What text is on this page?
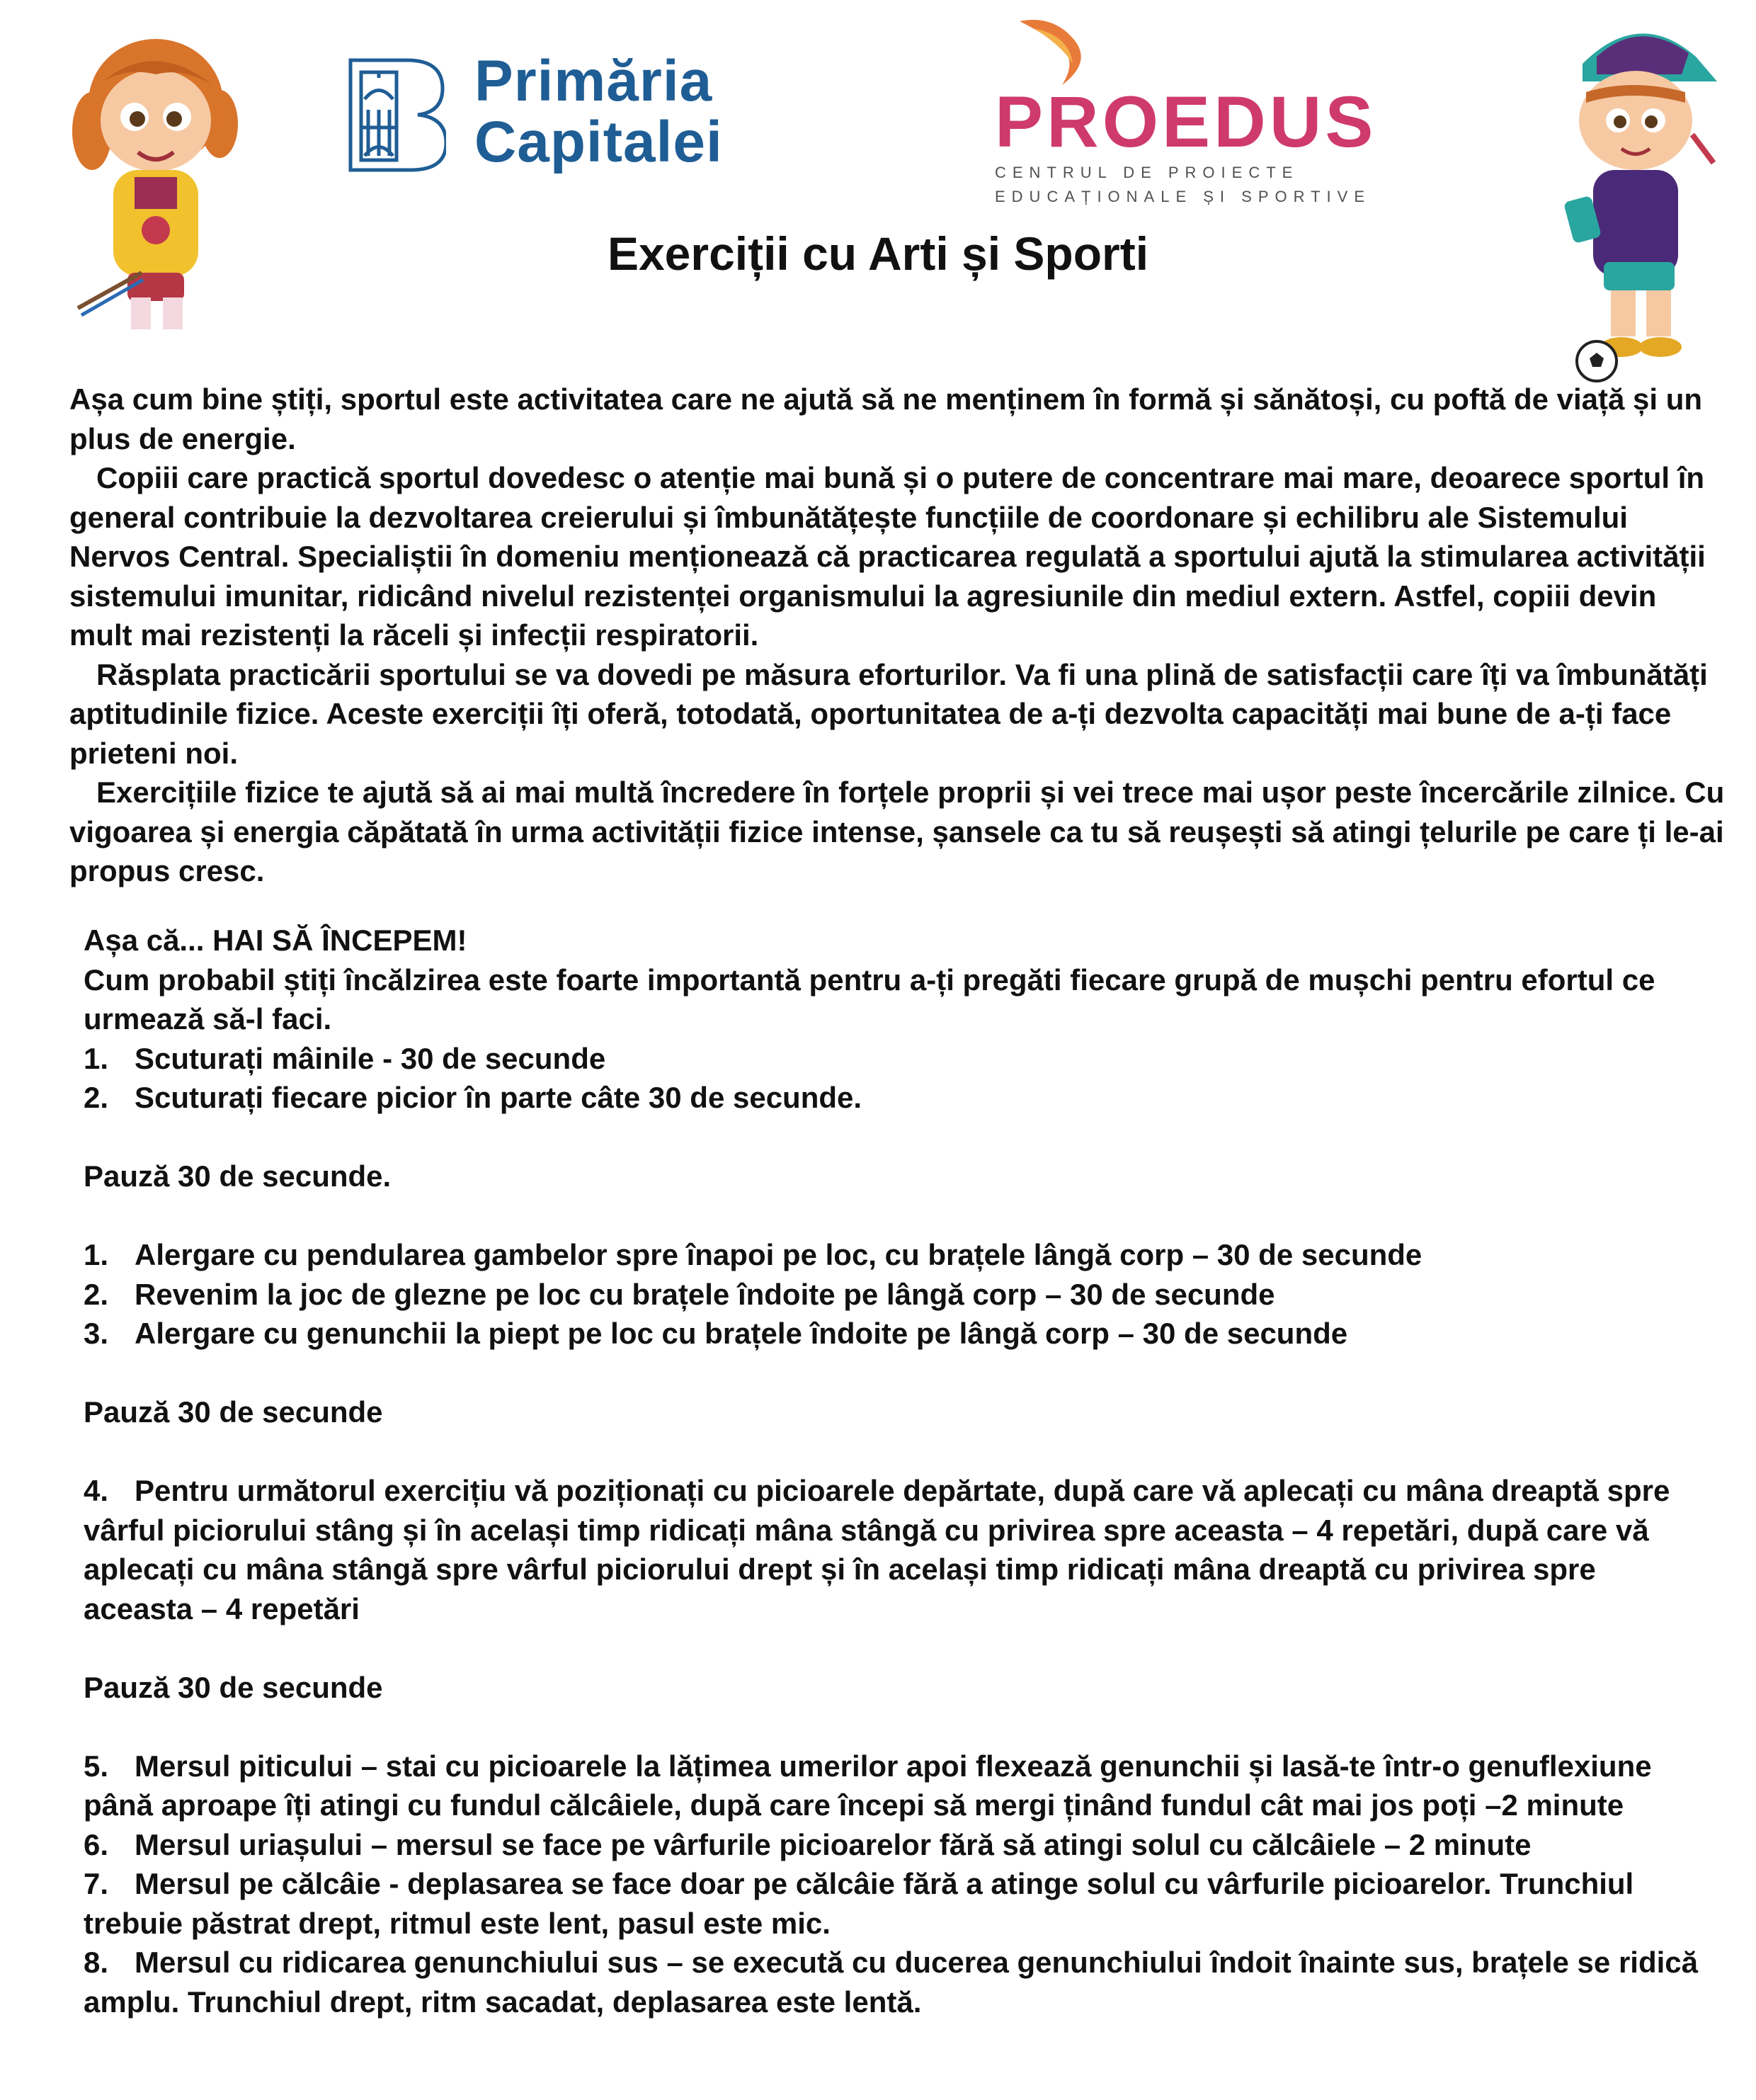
Primăria
Capitalei	PROEDUS
CENTRUL DE PROIECTE
EDUCAȚIONALE ȘI SPORTIVE
Exerciții cu Arti și Sporti

Așa cum bine știți, sportul este activitatea care ne ajută să ne menținem în formă și sănătoși, cu poftă de viață și un plus de energie.

Copiii care practică sportul dovedesc o atenție mai bună și o putere de concentrare mai mare, deoarece sportul în general contribuie la dezvoltarea creierului și îmbunătățește funcțiile de coordonare și echilibru ale Sistemului Nervos Central. Specialiștii în domeniu menționează că practicarea regulată a sportului ajută la stimularea activității sistemului imunitar, ridicând nivelul rezistenței organismului la agresiunile din mediul extern. Astfel, copiii devin mult mai rezistenți la răceli și infecții respiratorii.

Răsplata practicării sportului se va dovedi pe măsura eforturilor. Va fi una plină de satisfacții care îți va îmbunătăți aptitudinile fizice. Aceste exerciții îți oferă, totodată, oportunitatea de a-ți dezvolta capacități mai bune de a-ți face prieteni noi.

Exercițiile fizice te ajută să ai mai multă încredere în forțele proprii și vei trece mai ușor peste încercările zilnice. Cu vigoarea și energia căpătată în urma activității fizice intense, șansele ca tu să reușești să atingi țelurile pe care ți le-ai propus cresc.

Așa că... HAI SĂ ÎNCEPEM!

Cum probabil știți încălzirea este foarte importantă pentru a-ți pregăti fiecare grupă de mușchi pentru efortul ce urmează să-l faci.

1. Scuturați mâinile - 30 de secunde

2. Scuturați fiecare picior în parte câte 30 de secunde.

Pauză 30 de secunde.

1. Alergare cu pendularea gambelor spre înapoi pe loc, cu brațele lângă corp – 30 de secunde

2. Revenim la joc de glezne pe loc cu brațele îndoite pe lângă corp – 30 de secunde

3. Alergare cu genunchii la piept pe loc cu brațele îndoite pe lângă corp – 30 de secunde

Pauză 30 de secunde

4. Pentru următorul exercițiu vă poziționați cu picioarele depărtate, după care vă aplecați cu mâna dreaptă spre vârful piciorului stâng și în același timp ridicați mâna stângă cu privirea spre aceasta – 4 repetări, după care vă aplecați cu mâna stângă spre vârful piciorului drept și în același timp ridicați mâna dreaptă cu privirea spre aceasta – 4 repetări

Pauză 30 de secunde

5. Mersul piticului – stai cu picioarele la lățimea umerilor apoi flexează genunchii și lasă-te într-o genuflexiune până aproape îți atingi cu fundul călcâiele, după care începi să mergi ținând fundul cât mai jos poți –2 minute

6. Mersul uriașului – mersul se face pe vârfurile picioarelor fără să atingi solul cu călcâiele – 2 minute

7. Mersul pe călcâie - deplasarea se face doar pe călcâie fără a atinge solul cu vârfurile picioarelor. Trunchiul trebuie păstrat drept, ritmul este lent, pasul este mic.

8. Mersul cu ridicarea genunchiului sus – se execută cu ducerea genunchiului îndoit înainte sus, brațele se ridică amplu. Trunchiul drept, ritm sacadat, deplasarea este lentă.
